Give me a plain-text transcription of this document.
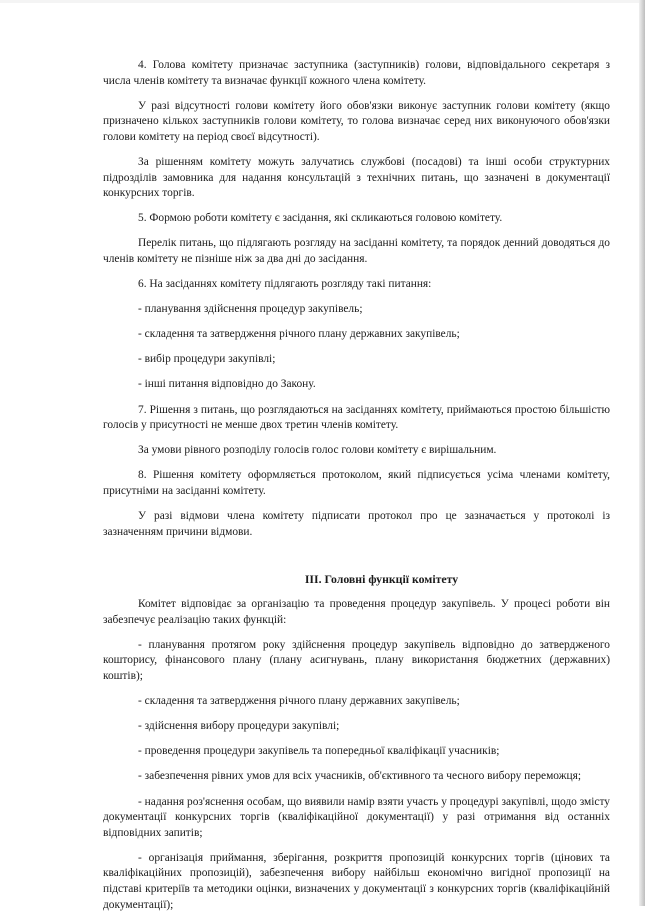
4. Голова комітету призначає заступника (заступників) голови, відповідального секретаря з числа членів комітету та визначає функції кожного члена комітету.

У разі відсутності голови комітету його обов'язки виконує заступник голови комітету (якщо призначено кількох заступників голови комітету, то голова визначає серед них виконуючого обов'язки голови комітету на період своєї відсутності).

За рішенням комітету можуть залучатись службові (посадові) та інші особи структурних підрозділів замовника для надання консультацій з технічних питань, що зазначені в документації конкурсних торгів.

5. Формою роботи комітету є засідання, які скликаються головою комітету.

Перелік питань, що підлягають розгляду на засіданні комітету, та порядок денний доводяться до членів комітету не пізніше ніж за два дні до засідання.

6. На засіданнях комітету підлягають розгляду такі питання:

- планування здійснення процедур закупівель;

- складення та затвердження річного плану державних закупівель;

- вибір процедури закупівлі;

- інші питання відповідно до Закону.

7. Рішення з питань, що розглядаються на засіданнях комітету, приймаються простою більшістю голосів у присутності не менше двох третин членів комітету.

За умови рівного розподілу голосів голос голови комітету є вирішальним.

8. Рішення комітету оформляється протоколом, який підписується усіма членами комітету, присутніми на засіданні комітету.

У разі відмови члена комітету підписати протокол про це зазначається у протоколі із зазначенням причини відмови.

III. Головні функції комітету

Комітет відповідає за організацію та проведення процедур закупівель. У процесі роботи він забезпечує реалізацію таких функцій:

- планування протягом року здійснення процедур закупівель відповідно до затвердженого кошторису, фінансового плану (плану асигнувань, плану використання бюджетних (державних) коштів);

- складення та затвердження річного плану державних закупівель;

- здійснення вибору процедури закупівлі;

- проведення процедури закупівель та попередньої кваліфікації учасників;

- забезпечення рівних умов для всіх учасників, об'єктивного та чесного вибору переможця;

- надання роз'яснення особам, що виявили намір взяти участь у процедурі закупівлі, щодо змісту документації конкурсних торгів (кваліфікаційної документації) у разі отримання від останніх відповідних запитів;

- організація приймання, зберігання, розкриття пропозицій конкурсних торгів (цінових та кваліфікаційних пропозицій), забезпечення вибору найбільш економічно вигідної пропозиції на підставі критеріїв та методики оцінки, визначених у документації з конкурсних торгів (кваліфікаційній документації);
